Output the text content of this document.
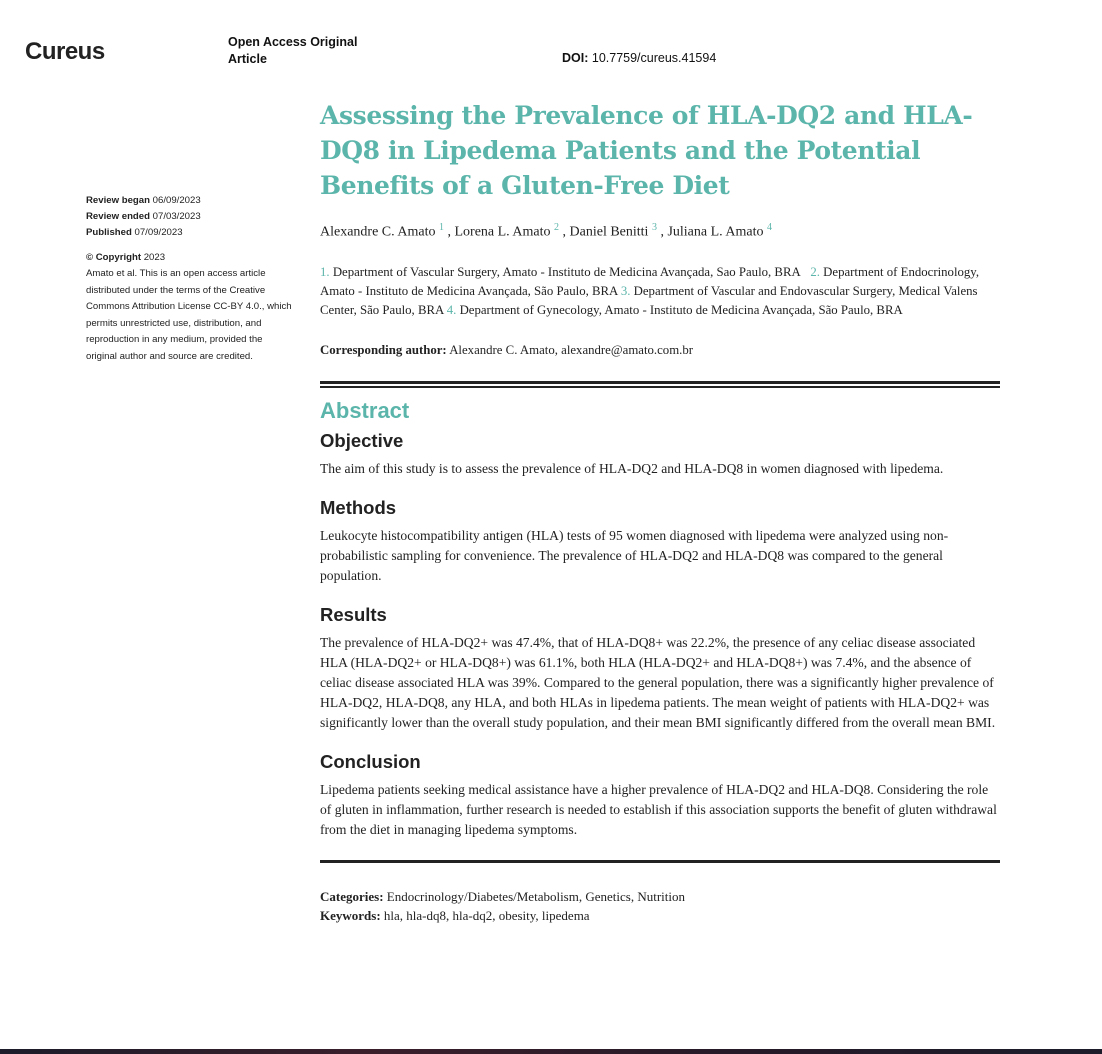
Cureus	Open Access Original Article	DOI: 10.7759/cureus.41594
Review began 06/09/2023
Review ended 07/03/2023
Published 07/09/2023
© Copyright 2023
Amato et al. This is an open access article distributed under the terms of the Creative Commons Attribution License CC-BY 4.0., which permits unrestricted use, distribution, and reproduction in any medium, provided the original author and source are credited.
Assessing the Prevalence of HLA-DQ2 and HLA-DQ8 in Lipedema Patients and the Potential Benefits of a Gluten-Free Diet
Alexandre C. Amato $^1$ , Lorena L. Amato $^2$ , Daniel Benitti $^3$ , Juliana L. Amato $^4$
1. Department of Vascular Surgery, Amato - Instituto de Medicina Avançada, Sao Paulo, BRA 2. Department of Endocrinology, Amato - Instituto de Medicina Avançada, São Paulo, BRA 3. Department of Vascular and Endovascular Surgery, Medical Valens Center, São Paulo, BRA 4. Department of Gynecology, Amato - Instituto de Medicina Avançada, São Paulo, BRA
Corresponding author: Alexandre C. Amato, alexandre@amato.com.br
Abstract
Objective
The aim of this study is to assess the prevalence of HLA-DQ2 and HLA-DQ8 in women diagnosed with lipedema.
Methods
Leukocyte histocompatibility antigen (HLA) tests of 95 women diagnosed with lipedema were analyzed using non-probabilistic sampling for convenience. The prevalence of HLA-DQ2 and HLA-DQ8 was compared to the general population.
Results
The prevalence of HLA-DQ2+ was 47.4%, that of HLA-DQ8+ was 22.2%, the presence of any celiac disease associated HLA (HLA-DQ2+ or HLA-DQ8+) was 61.1%, both HLA (HLA-DQ2+ and HLA-DQ8+) was 7.4%, and the absence of celiac disease associated HLA was 39%. Compared to the general population, there was a significantly higher prevalence of HLA-DQ2, HLA-DQ8, any HLA, and both HLAs in lipedema patients. The mean weight of patients with HLA-DQ2+ was significantly lower than the overall study population, and their mean BMI significantly differed from the overall mean BMI.
Conclusion
Lipedema patients seeking medical assistance have a higher prevalence of HLA-DQ2 and HLA-DQ8. Considering the role of gluten in inflammation, further research is needed to establish if this association supports the benefit of gluten withdrawal from the diet in managing lipedema symptoms.
Categories: Endocrinology/Diabetes/Metabolism, Genetics, Nutrition
Keywords: hla, hla-dq8, hla-dq2, obesity, lipedema
